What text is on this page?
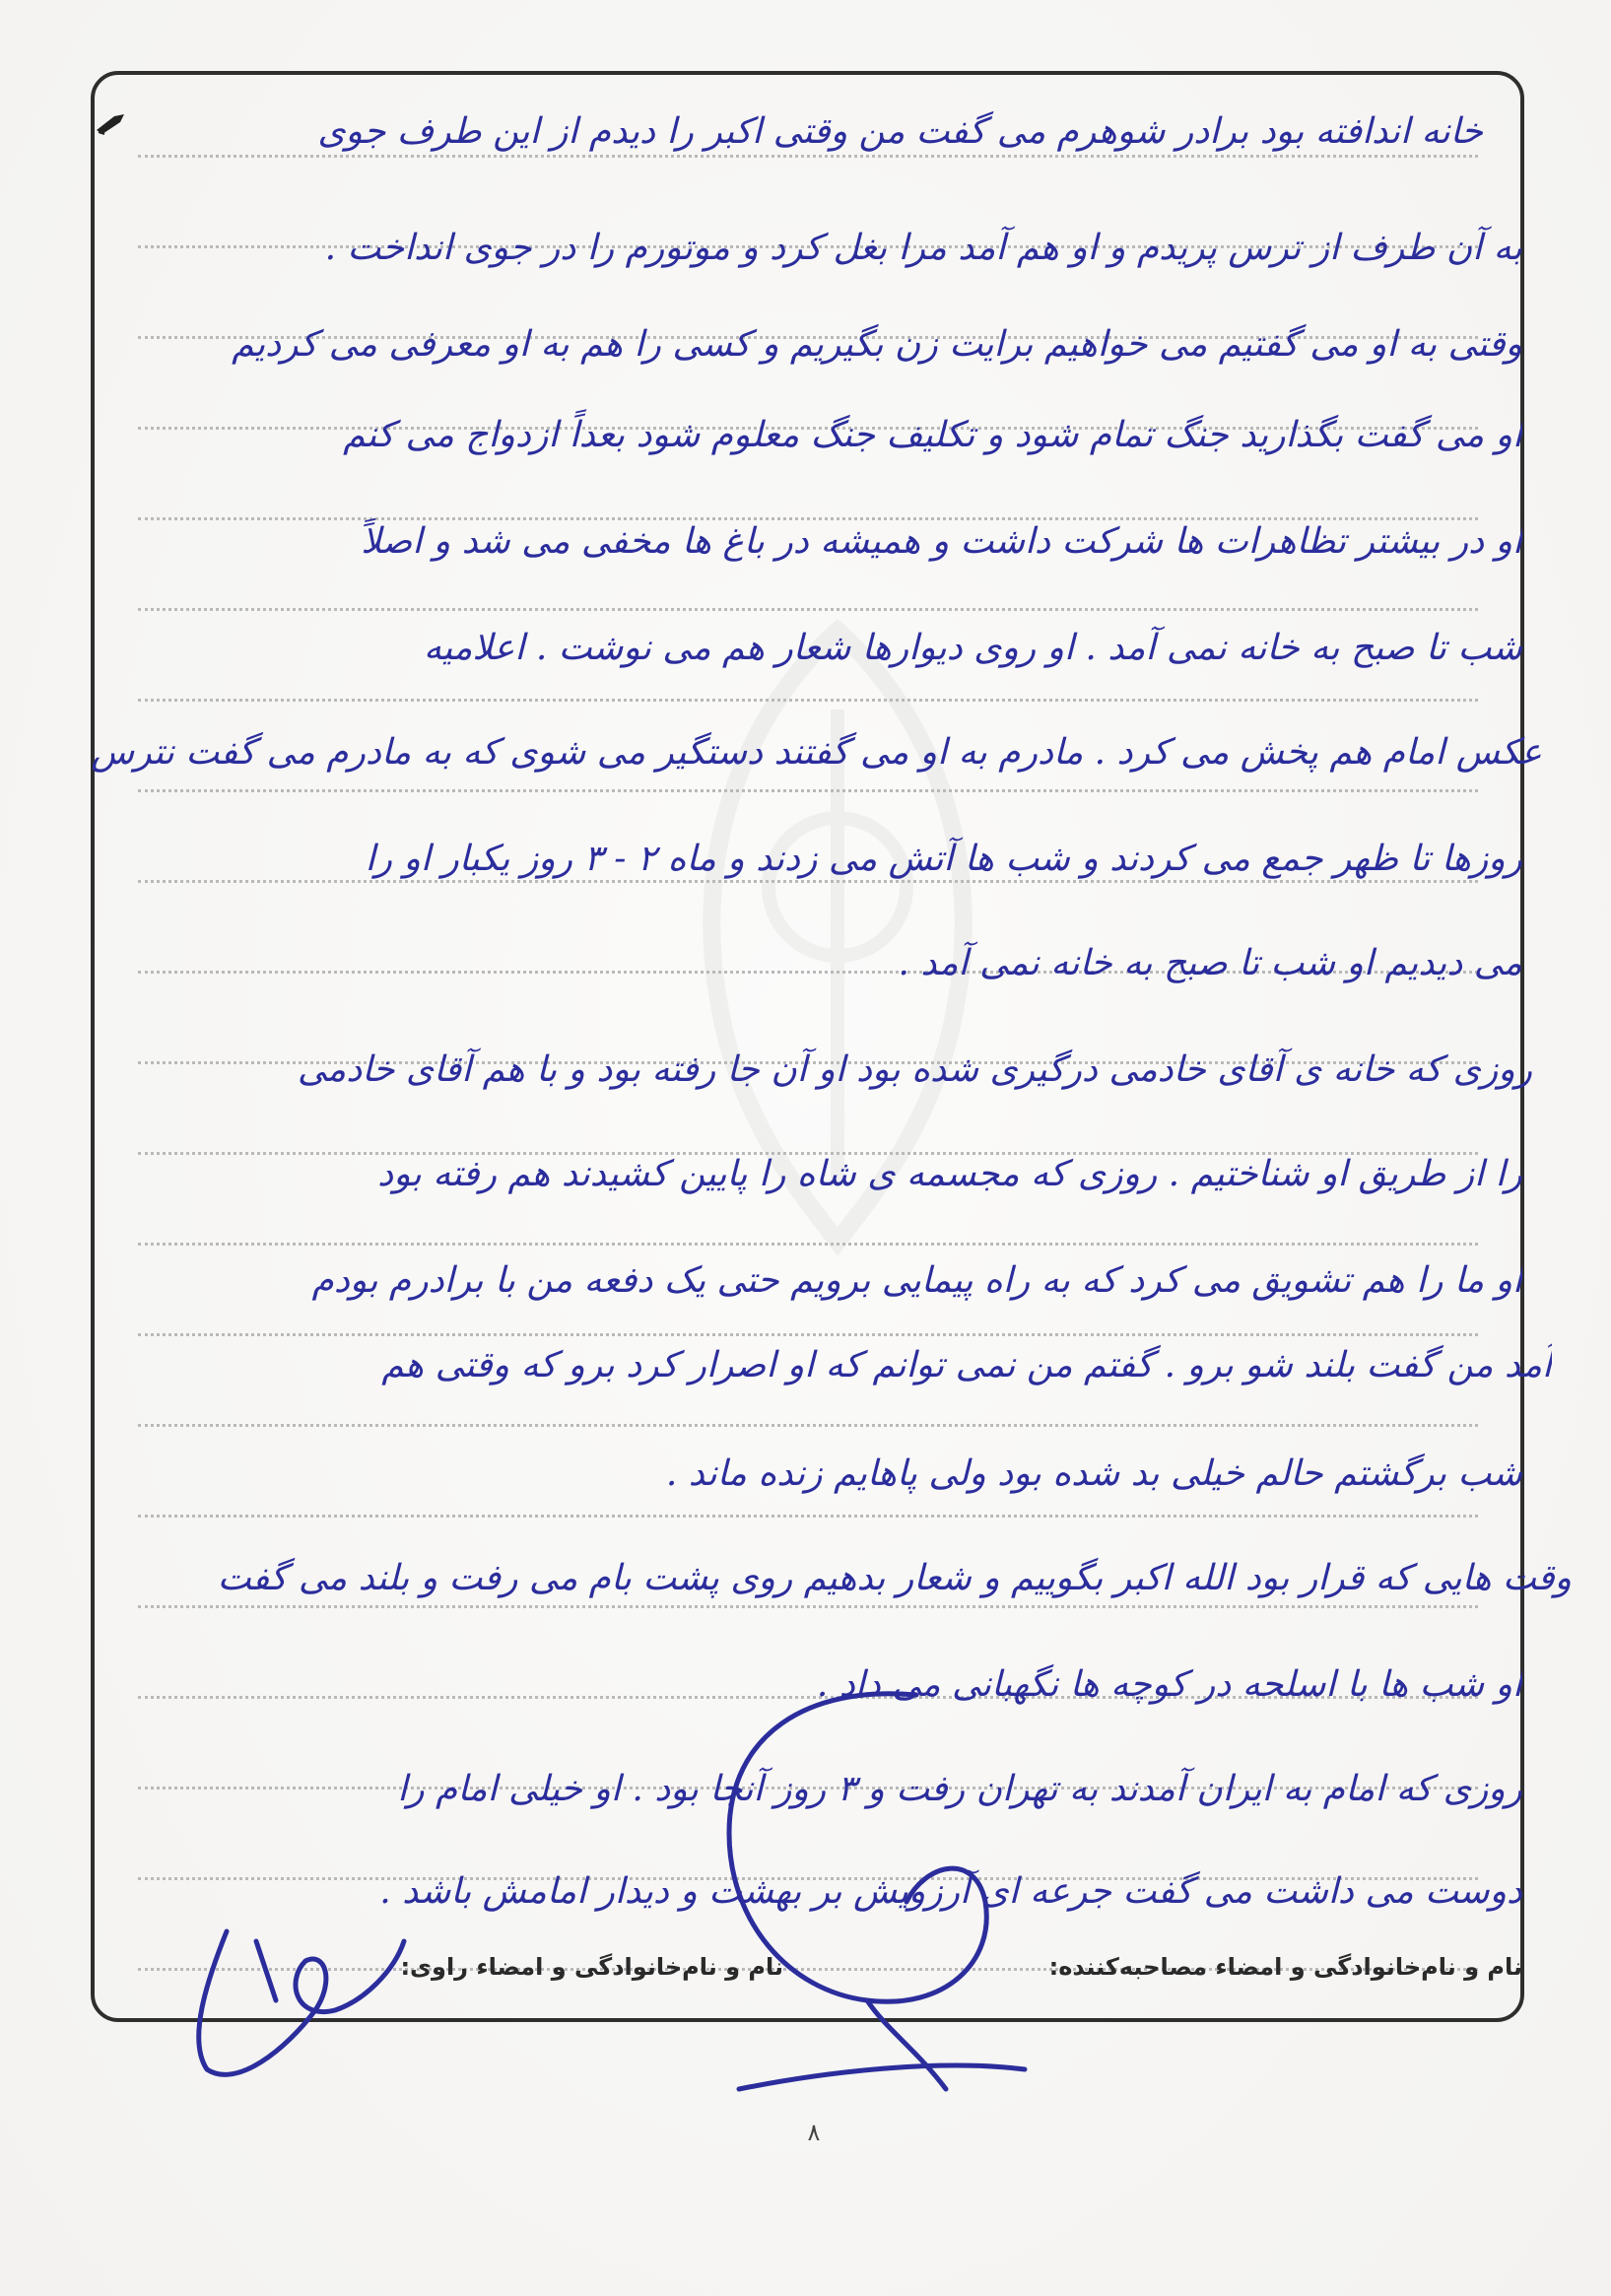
خانه اندافته بود برادر شوهرم می گفت من وقتی اکبر را دیدم از این طرف جوی
به آن طرف از ترس پریدم و او هم آمد مرا بغل کرد و موتورم را در جوی انداخت .
وقتی به او می گفتیم می خواهیم برایت زن بگیریم و کسی را هم به او معرفی می کردیم
او می گفت بگذارید جنگ تمام شود و تکلیف جنگ معلوم شود بعداً ازدواج می کنم
او در بیشتر تظاهرات ها شرکت داشت و همیشه در باغ ها مخفی می شد و اصلاً
شب تا صبح به خانه نمی آمد . او روی دیوارها شعار هم می نوشت . اعلامیه
عکس امام هم پخش می کرد . مادرم به او می گفتند دستگیر می شوی که به مادرم می گفت نترس
روزها تا ظهر جمع می کردند و شب ها آتش می زدند و ماه ۲ - ۳ روز یکبار او را
می دیدیم او شب تا صبح به خانه نمی آمد .
روزی که خانه ی آقای خادمی درگیری شده بود او آن جا رفته بود و با هم آقای خادمی
را از طریق او شناختیم . روزی که مجسمه ی شاه را پایین کشیدند هم رفته بود
او ما را هم تشویق می کرد که به راه پیمایی برویم حتی یک دفعه من با برادرم بودم
آمد من گفت بلند شو برو . گفتم من نمی توانم که او اصرار کرد برو که وقتی هم
شب برگشتم حالم خیلی بد شده بود ولی پاهایم زنده ماند .
وقت هایی که قرار بود الله اکبر بگوییم و شعار بدهیم روی پشت بام می رفت و بلند می گفت
او شب ها با اسلحه در کوچه ها نگهبانی می داد .
روزی که امام به ایران آمدند به تهران رفت و ۳ روز آنجا بود . او خیلی امام را
دوست می داشت می گفت جرعه ای آرزویش بر بهشت و دیدار امامش باشد .
نام و نام‌خانوادگی و امضاء مصاحبه‌کننده:
نام و نام‌خانوادگی و امضاء راوی:
۸
